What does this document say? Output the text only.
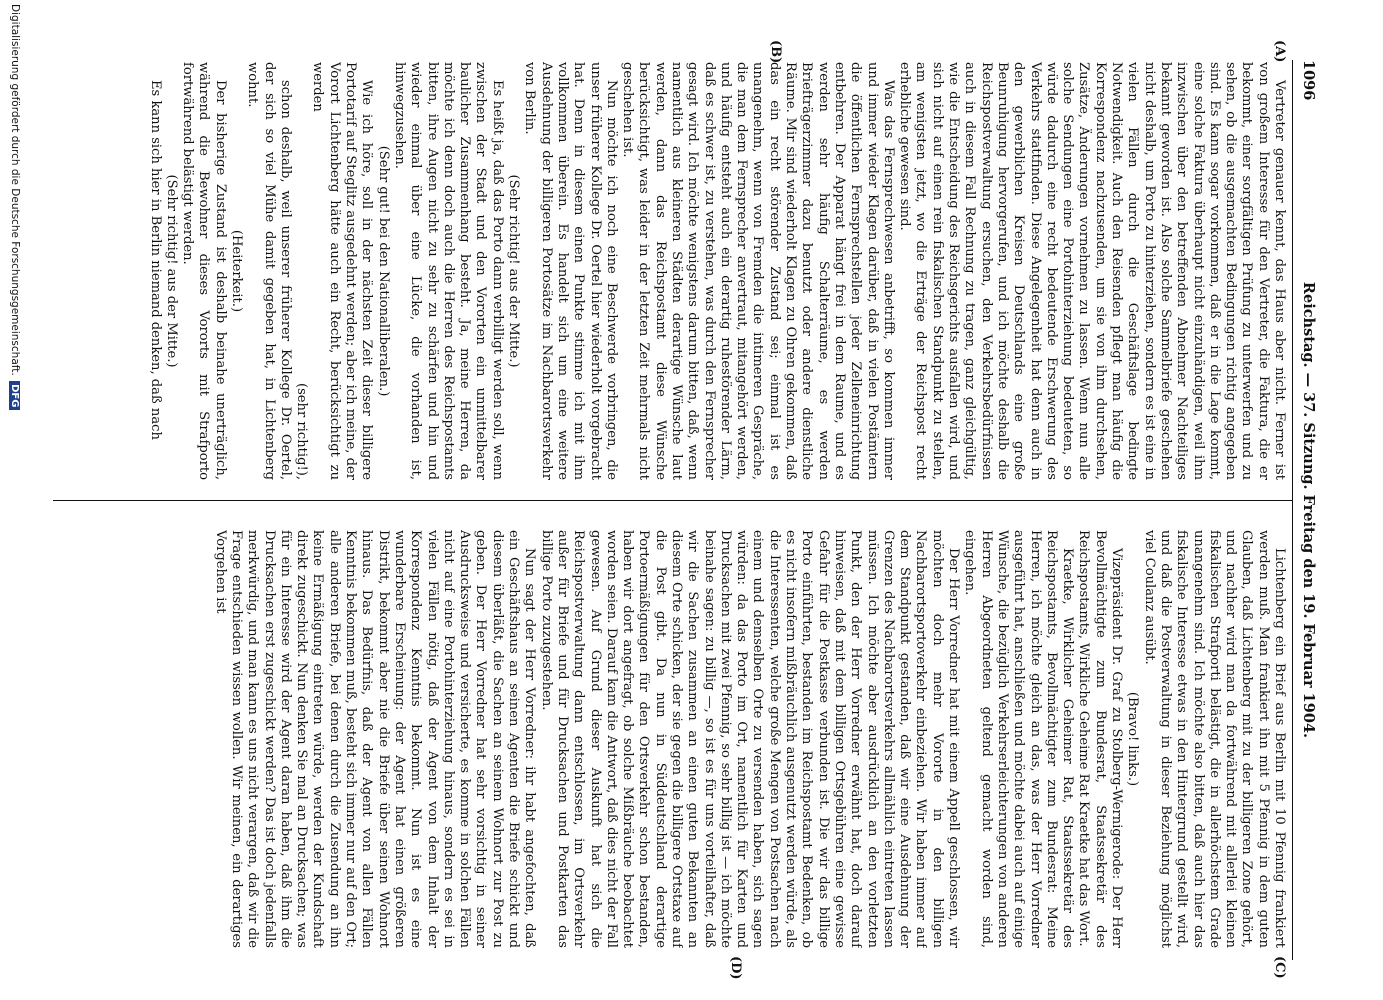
1096
Reichstag. — 37. Sitzung. Freitag den 19. Februar 1904.
(A)
(B)
(C)
(D)

Vertreter genauer kennt, das Haus aber nicht. Ferner ist von großem Interesse für den Vertreter, die Faktura, die er bekommt, einer sorgfältigen Prüfung zu unterwerfen und zu sehen, ob die ausgemachten Bedingungen richtig angegeben sind. Es kann sogar vorkommen, daß er in die Lage kommt, eine solche Faktura überhaupt nicht einzuhändigen, weil ihm inzwischen über den betreffenden Abnehmer Nachteiliges bekannt geworden ist. Also solche Sammelbriefe geschehen nicht deshalb, um Porto zu hinterziehen, sondern es ist eine in vielen Fällen durch die Geschäftslage bedingte Notwendigkeit. Auch den Reisenden pflegt man häufig die Korrespondenz nachzusenden, um sie von ihm durchsehen, Zusätze, Änderungen vornehmen zu lassen. Wenn nun alle solche Sendungen eine Portohinterziehung bedeuteten, so würde dadurch eine recht bedeutende Erschwerung des Verkehrs stattfinden. Diese Angelegenheit hat denn auch in den gewerblichen Kreisen Deutschlands eine große Beunruhigung hervorgerufen, und ich möchte deshalb die Reichspostverwaltung ersuchen, den Verkehrsbedürfnissen auch in diesem Fall Rechnung zu tragen, ganz gleichgültig, wie die Entscheidung des Reichsgerichts ausfallen wird, und sich nicht auf einen rein fiskalischen Standpunkt zu stellen, am wenigsten jetzt, wo die Erträge der Reichspost recht erhebliche gewesen sind.

Was das Fernsprechwesen anbetrifft, so kommen immer und immer wieder Klagen darüber, daß in vielen Postämtern die öffentlichen Fernsprechstellen jeder Zelleneinrichtung entbehren. Der Apparat hängt frei in dem Raume, und es werden sehr häufig Schalterräume, es werden Briefträgerzimmer dazu benutzt oder andere dienstliche Räume. Mir sind wiederholt Klagen zu Ohren gekommen, daß das ein recht störender Zustand sei; einmal ist es unangenehm, wenn von Fremden die intimeren Gespräche, die man dem Fernsprecher anvertraut, mitangehört werden, und häufig entsteht auch ein derartig ruhestörender Lärm, daß es schwer ist, zu verstehen, was durch den Fernsprecher gesagt wird. Ich möchte wenigstens darum bitten, daß, wenn namentlich aus kleineren Städten derartige Wünsche laut werden, dann das Reichspostamt diese Wünsche berücksichtigt, was leider in der letzten Zeit mehrmals nicht geschehen ist.

Nun möchte ich noch eine Beschwerde vorbringen, die unser früherer Kollege Dr. Oertel hier wiederholt vorgebracht hat. Denn in diesem einen Punkte stimme ich mit ihm vollkommen überein. Es handelt sich um eine weitere Ausdehnung der billigeren Portosätze im Nachbarortsverkehr von Berlin.

(Sehr richtig! aus der Mitte.)

Es heißt ja, daß das Porto dann verbilligt werden soll, wenn zwischen der Stadt und den Vororten ein unmittelbarer baulicher Zusammenhang besteht. Ja, meine Herren, da möchte ich denn doch auch die Herren des Reichspostamts bitten, ihre Augen nicht zu sehr zu schärfen und hin und wieder einmal über eine Lücke, die vorhanden ist, hinwegzusehen.

(Sehr gut! bei den Nationalliberalen.)

Wie ich höre, soll in der nächsten Zeit dieser billigere Portotarif auf Steglitz ausgedehnt werden; aber ich meine, der Vorort Lichtenberg hätte auch ein Recht, berücksichtigt zu werden

(sehr richtig!),

schon deshalb, weil unserer früherer Kollege Dr. Oertel, der sich so viel Mühe damit gegeben hat, in Lichtenberg wohnt.

(Heiterkeit.)

Der bisherige Zustand ist deshalb beinahe unerträglich, während die Bewohner dieses Vororts mit Strafporto fortwährend belästigt werden.

(Sehr richtig! aus der Mitte.)

Es kann sich hier in Berlin niemand denken, daß nach

Lichtenberg ein Brief aus Berlin mit 10 Pfennig frankiert werden muß. Man frankiert ihn mit 5 Pfennig in dem guten Glauben, daß Lichtenberg mit zu der billigeren Zone gehört, und nachher wird man da fortwährend mit allerlei kleinen fiskalischen Strafporti belästigt, die in allerhöchstem Grade unangenehm sind. Ich möchte also bitten, daß auch hier das fiskalische Interesse etwas in den Hintergrund gestellt wird, und daß die Postverwaltung in dieser Beziehung möglichst viel Coulanz ausübt.

(Bravo! links.)

Vizepräsident Dr. Graf zu Stolberg-Wernigerode: Der Herr Bevollmächtigte zum Bundesrat, Staatssekretär des Reichspostamts, Wirkliche Geheime Rat Kraetke hat das Wort.

Kraetke, Wirklicher Geheimer Rat, Staatssekretär des Reichspostamts, Bevollmächtigter zum Bundesrat: Meine Herren, ich möchte gleich an das, was der Herr Vorredner ausgeführt hat, anschließen und möchte dabei auch auf einige Wünsche, die bezüglich Verkehrserleichterungen von anderen Herren Abgeordneten geltend gemacht worden sind, eingehen.

Der Herr Vorredner hat mit einem Appell geschlossen, wir möchten doch mehr Vororte in den billigen Nachbarortsportoverkehr einbeziehen. Wir haben immer auf dem Standpunkt gestanden, daß wir eine Ausdehnung der Grenzen des Nachbarortsverkehrs allmählich eintreten lassen müssen. Ich möchte aber ausdrücklich an den vorletzten Punkt, den der Herr Vorredner erwähnt hat, doch darauf hinweisen, daß mit dem billigen Ortsgebühren eine gewisse Gefahr für die Postkasse verbunden ist. Die wir das billige Porto einführten, bestanden im Reichspostamt Bedenken, ob es nicht insofern mißbräuchlich ausgenutzt werden würde, als die Interessenten, welche große Mengen von Postsachen nach einem und demselben Orte zu versenden haben, sich sagen würden: da das Porto im Ort, namentlich für Karten und Drucksachen mit zwei Pfennig, so sehr billig ist — ich möchte beinahe sagen: zu billig —, so ist es für uns vorteilhafter, daß wir die Sachen zusammen an einen guten Bekannten an diesem Orte schicken, der sie gegen die billigere Ortstaxe auf die Post gibt. Da nun in Süddeutschland derartige Portoermäßigungen für den Ortsverkehr schon bestanden, haben wir dort angefragt, ob solche Mißbräuche beobachtet worden seien. Darauf kam die Antwort, daß dies nicht der Fall gewesen. Auf Grund dieser Auskunft hat sich die Reichspostverwaltung dann entschlossen, im Ortsverkehr außer für Briefe und für Drucksachen und Postkarten das billige Porto zuzugestehen.

Nun sagt der Herr Vorredner: ihr habt angefochten, daß ein Geschäftshaus an seinen Agenten die Briefe schickt und diesem überläßt, die Sachen an seinem Wohnort zur Post zu geben. Der Herr Vorredner hat sehr vorsichtig in seiner Ausdrucksweise und versicherte, es komme in solchen Fällen nicht auf eine Portohinterziehung hinaus, sondern es sei in vielen Fällen nötig, daß der Agent von dem Inhalt der Korrespondenz Kenntnis bekommt. Nun ist es eine wunderbare Erscheinung: der Agent hat einen größeren Distrikt, bekommt aber nie die Briefe über seinen Wohnort hinaus. Das Bedürfnis, daß der Agent von allen Fällen Kenntnis bekommen muß, besteht sich immer nur auf den Ort; alle anderen Briefe, bei denen durch die Zusendung an ihn keine Ermäßigung eintreten würde, werden der Kundschaft direkt zugeschickt. Nun denken Sie mal an Drucksachen; was für ein Interesse wird der Agent daran haben, daß ihm die Drucksachen erst zugeschickt werden? Das ist doch jedenfalls merkwürdig, und man kann es uns nicht verargen, daß wir die Frage entschieden wissen wollen. Wir meinen, ein derartiges Vorgehen ist

Digitalisierung gefördert durch die Deutsche Forschungsgemeinschaft. DFG
